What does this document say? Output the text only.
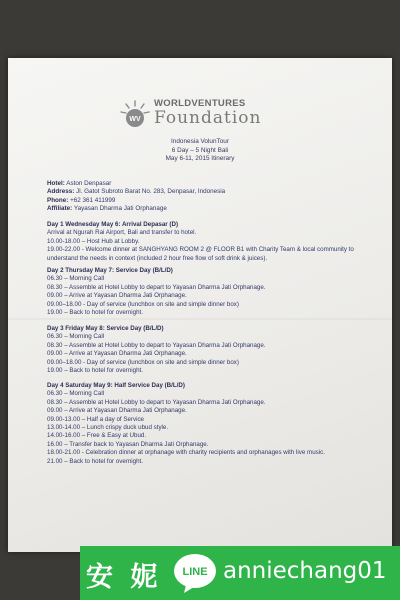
WV
WORLDVENTURES
Foundation
Indonesia VolunTour
6 Day – 5 Night Bali
May 6-11, 2015 Itinerary
Hotel: Aston Denpasar
Address: Jl. Gatot Subroto Barat No. 283, Denpasar, Indonesia
Phone: +62 361 411999
Affiliate: Yayasan Dharma Jati Orphanage
Day 1 Wednesday May 6: Arrival Depasar (D)
Arrival at Ngurah Rai Airport, Bali and transfer to hotel.
10.00-18.00 – Host Hub at Lobby.
19.00-22.00 - Welcome dinner at SANGHYANG ROOM 2 @ FLOOR B1 with Charity Team & local community to understand the needs in context (included 2 hour free flow of soft drink & juices).
Day 2 Thursday May 7: Service Day (B/L/D)
06.30 – Morning Call
08.30 – Assemble at Hotel Lobby to depart to Yayasan Dharma Jati Orphanage.
09.00 – Arrive at Yayasan Dharma Jati Orphanage.
09.00–18.00 - Day of service (lunchbox on site and simple dinner box)
19.00 – Back to hotel for overnight.
Day 3 Friday May 8: Service Day (B/L/D)
06.30 – Morning Call
08.30 – Assemble at Hotel Lobby to depart to Yayasan Dharma Jati Orphanage.
09.00 – Arrive at Yayasan Dharma Jati Orphanage.
09.00–18.00 - Day of service (lunchbox on site and simple dinner box)
19.00 – Back to hotel for overnight.
Day 4 Saturday May 9: Half Service Day (B/L/D)
06.30 – Morning Call
08.30 – Assemble at Hotel Lobby to depart to Yayasan Dharma Jati Orphanage.
09.00 – Arrive at Yayasan Dharma Jati Orphanage.
09.00-13.00 – Half a day of Service
13.00-14.00 – Lunch crispy duck ubud style.
14.00-16.00 – Free & Easy at Ubud.
16.00 – Transfer back to Yayasan Dharma Jati Orphanage.
18.00-21.00 - Celebration dinner at orphanage with charity recipients and orphanages with live music.
21.00 – Back to hotel for overnight.
安 妮 LINE anniechang01
